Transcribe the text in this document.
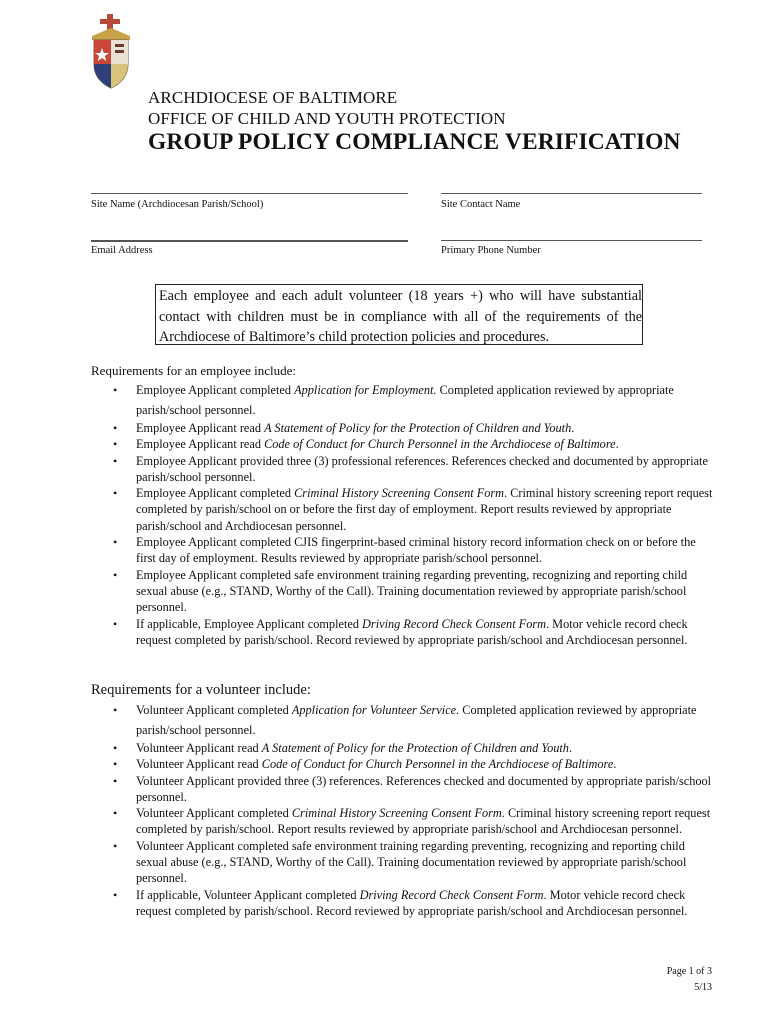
ARCHDIOCESE OF BALTIMORE
OFFICE OF CHILD AND YOUTH PROTECTION
GROUP POLICY COMPLIANCE VERIFICATION
Site Name (Archdiocesan Parish/School)	Site Contact Name
Email Address	Primary Phone Number
Each employee and each adult volunteer (18 years +) who will have substantial contact with children must be in compliance with all of the requirements of the Archdiocese of Baltimore’s child protection policies and procedures.
Requirements for an employee include:
• Employee Applicant completed Application for Employment. Completed application reviewed by appropriate parish/school personnel.
• Employee Applicant read A Statement of Policy for the Protection of Children and Youth.
• Employee Applicant read Code of Conduct for Church Personnel in the Archdiocese of Baltimore.
• Employee Applicant provided three (3) professional references. References checked and documented by appropriate parish/school personnel.
• Employee Applicant completed Criminal History Screening Consent Form. Criminal history screening report request completed by parish/school on or before the first day of employment. Report results reviewed by appropriate parish/school and Archdiocesan personnel.
• Employee Applicant completed CJIS fingerprint-based criminal history record information check on or before the first day of employment. Results reviewed by appropriate parish/school personnel.
• Employee Applicant completed safe environment training regarding preventing, recognizing and reporting child sexual abuse (e.g., STAND, Worthy of the Call). Training documentation reviewed by appropriate parish/school personnel.
• If applicable, Employee Applicant completed Driving Record Check Consent Form. Motor vehicle record check request completed by parish/school. Record reviewed by appropriate parish/school and Archdiocesan personnel.
Requirements for a volunteer include:
• Volunteer Applicant completed Application for Volunteer Service. Completed application reviewed by appropriate parish/school personnel.
• Volunteer Applicant read A Statement of Policy for the Protection of Children and Youth.
• Volunteer Applicant read Code of Conduct for Church Personnel in the Archdiocese of Baltimore.
• Volunteer Applicant provided three (3) references. References checked and documented by appropriate parish/school personnel.
• Volunteer Applicant completed Criminal History Screening Consent Form. Criminal history screening report request completed by parish/school. Report results reviewed by appropriate parish/school and Archdiocesan personnel.
• Volunteer Applicant completed safe environment training regarding preventing, recognizing and reporting child sexual abuse (e.g., STAND, Worthy of the Call). Training documentation reviewed by appropriate parish/school personnel.
• If applicable, Volunteer Applicant completed Driving Record Check Consent Form. Motor vehicle record check request completed by parish/school. Record reviewed by appropriate parish/school and Archdiocesan personnel.
Page 1 of 3
5/13
